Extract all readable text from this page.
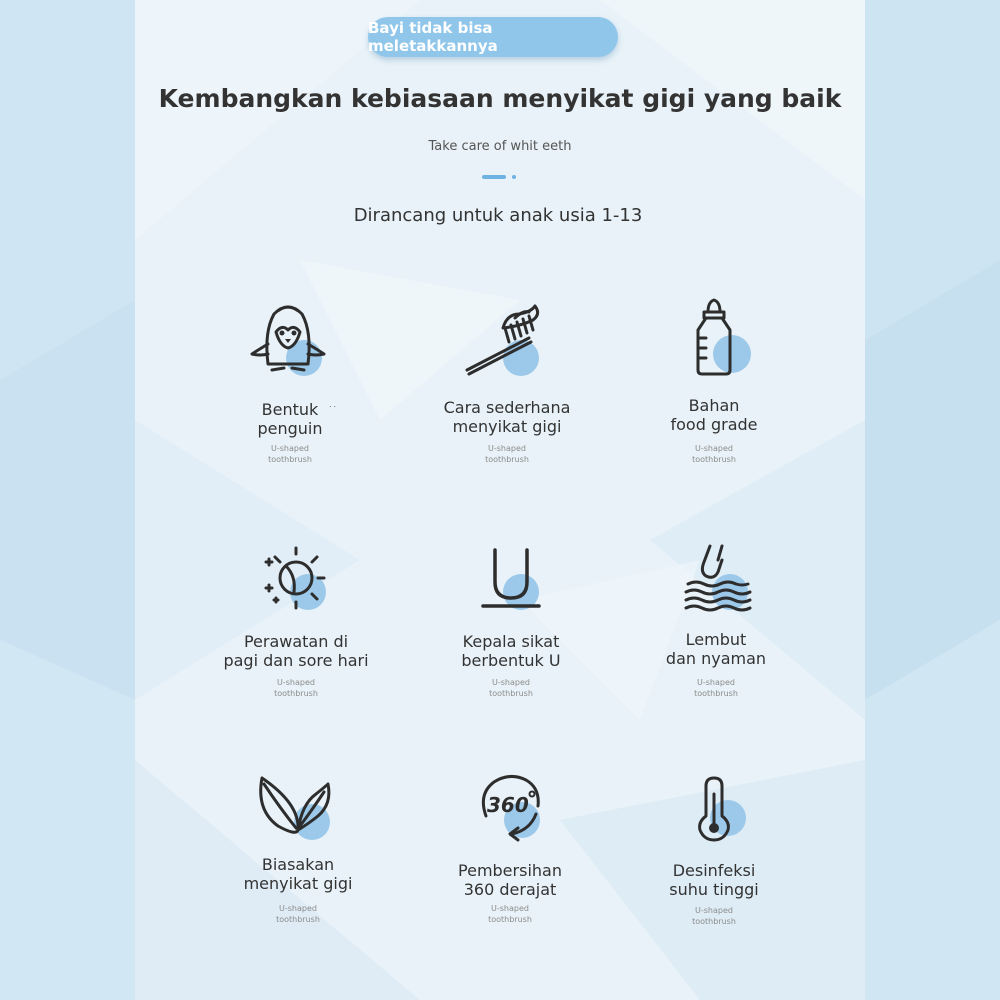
Bayi tidak bisa meletakkannya
Kembangkan kebiasaan menyikat gigi yang baik
Take care of whit eeth
Dirancang untuk anak usia 1-13
Bentuk
penguin
U-shaped
toothbrush
˙˙	Cara sederhana
menyikat gigi
U-shaped
toothbrush
Bahan
food grade
U-shaped
toothbrush
Perawatan di
pagi dan sore hari
U-shaped
toothbrush
Kepala sikat
berbentuk U
U-shaped
toothbrush
Lembut
dan nyaman
U-shaped
toothbrush
Biasakan
menyikat gigi
U-shaped
toothbrush
360
Pembersihan
360 derajat
U-shaped
toothbrush
Desinfeksi
suhu tinggi
U-shaped
toothbrush
